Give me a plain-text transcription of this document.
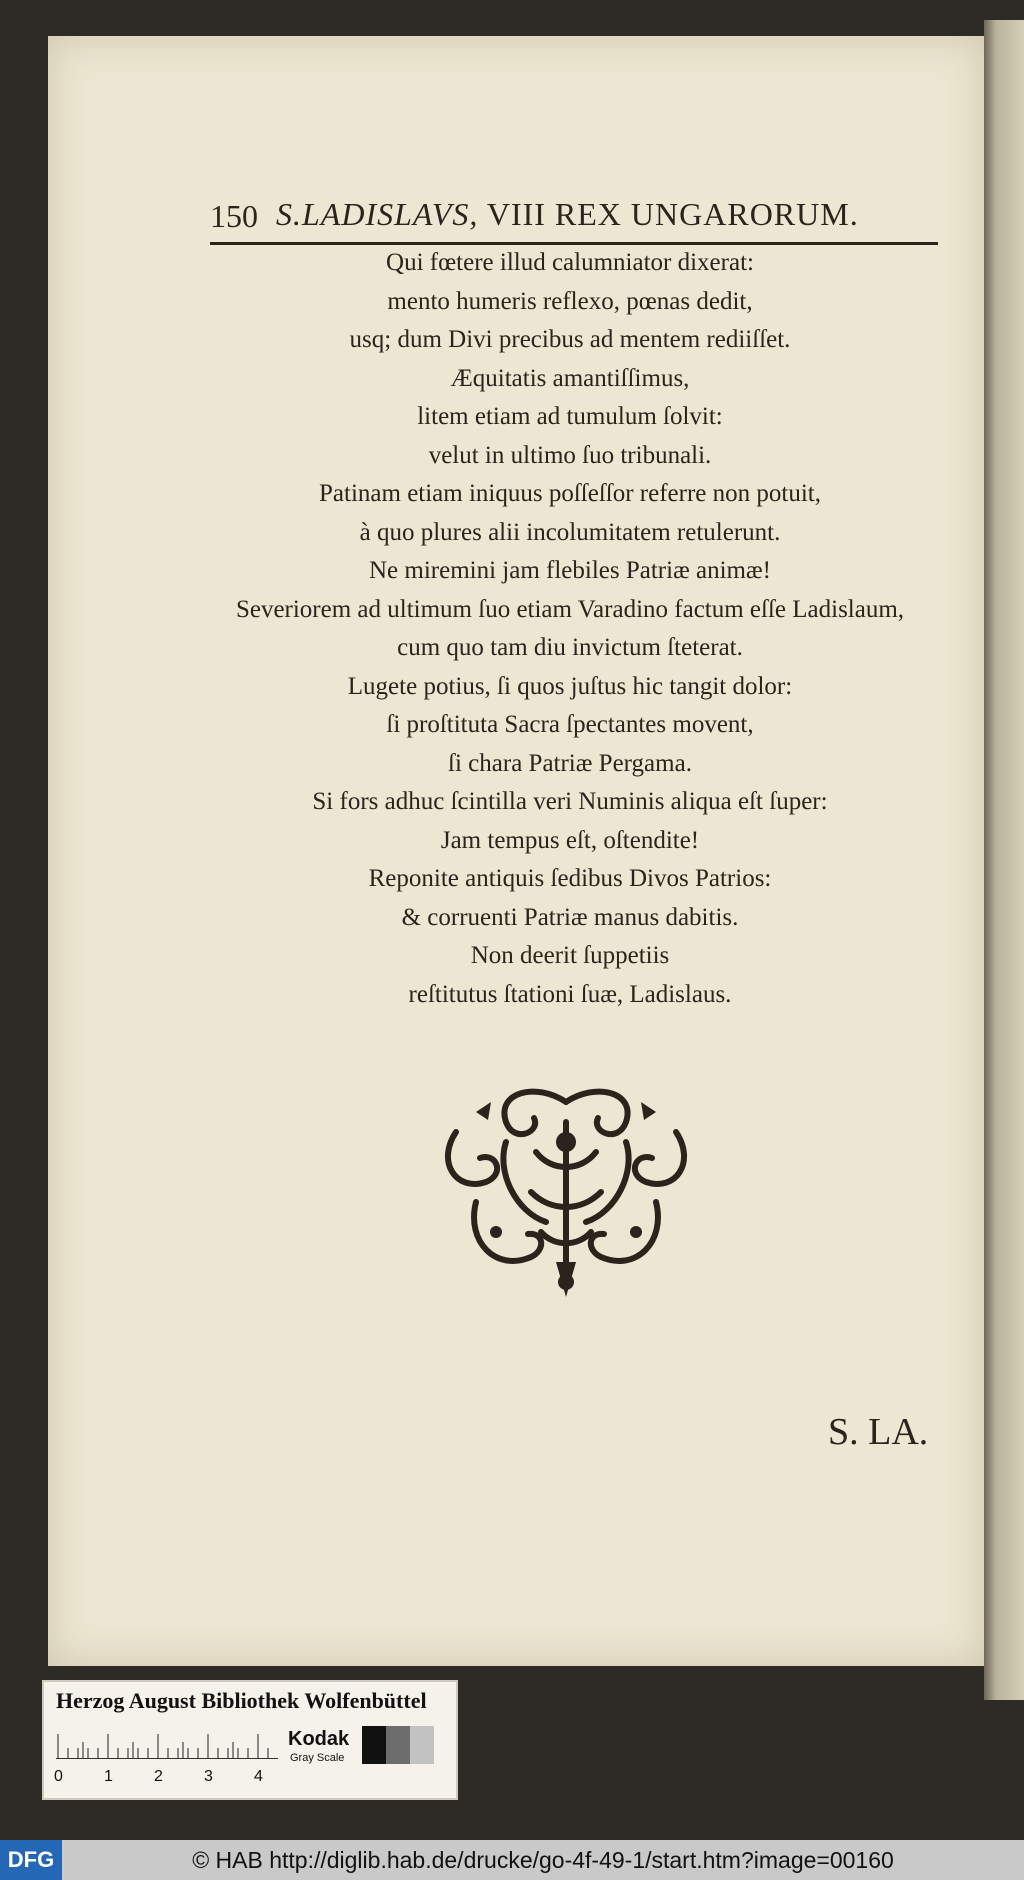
150 S.LADISLAVS, VIII REX UNGARORUM.
Qui fœtere illud calumniator dixerat:
mento humeris reflexo, pœnas dedit,
usq; dum Divi precibus ad mentem rediiſſet.
Æquitatis amantiſſimus,
litem etiam ad tumulum ſolvit:
velut in ultimo ſuo tribunali.
Patinam etiam iniquus poſſeſſor referre non potuit,
à quo plures alii incolumitatem retulerunt.
Ne miremini jam flebiles Patriæ animæ!
Severiorem ad ultimum ſuo etiam Varadino factum eſſe Ladislaum,
cum quo tam diu invictum ſteterat.
Lugete potius, ſi quos juſtus hic tangit dolor:
ſi proſtituta Sacra ſpectantes movent,
ſi chara Patriæ Pergama.
Si fors adhuc ſcintilla veri Numinis aliqua eſt ſuper:
Jam tempus eſt, oſtendite!
Reponite antiquis ſedibus Divos Patrios:
& corruenti Patriæ manus dabitis.
Non deerit ſuppetiis
reſtitutus ſtationi ſuæ, Ladislaus.
S. LA.
Herzog August Bibliothek Wolfenbüttel
Kodak
Gray Scale
0	1	2	3	4
DFG	© HAB http://diglib.hab.de/drucke/go-4f-49-1/start.htm?image=00160
